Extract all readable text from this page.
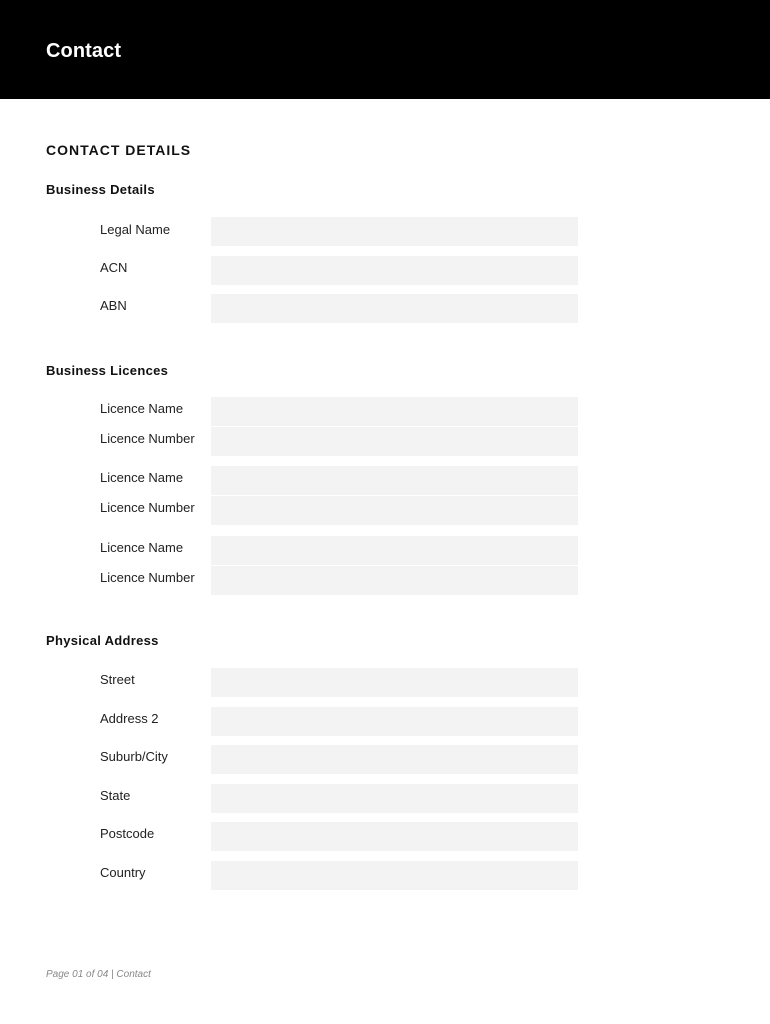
Contact
CONTACT DETAILS
Business Details
Legal Name
ACN
ABN
Business Licences
Licence Name
Licence Number
Licence Name
Licence Number
Licence Name
Licence Number
Physical Address
Street
Address 2
Suburb/City
State
Postcode
Country
Page 01 of 04 | Contact
